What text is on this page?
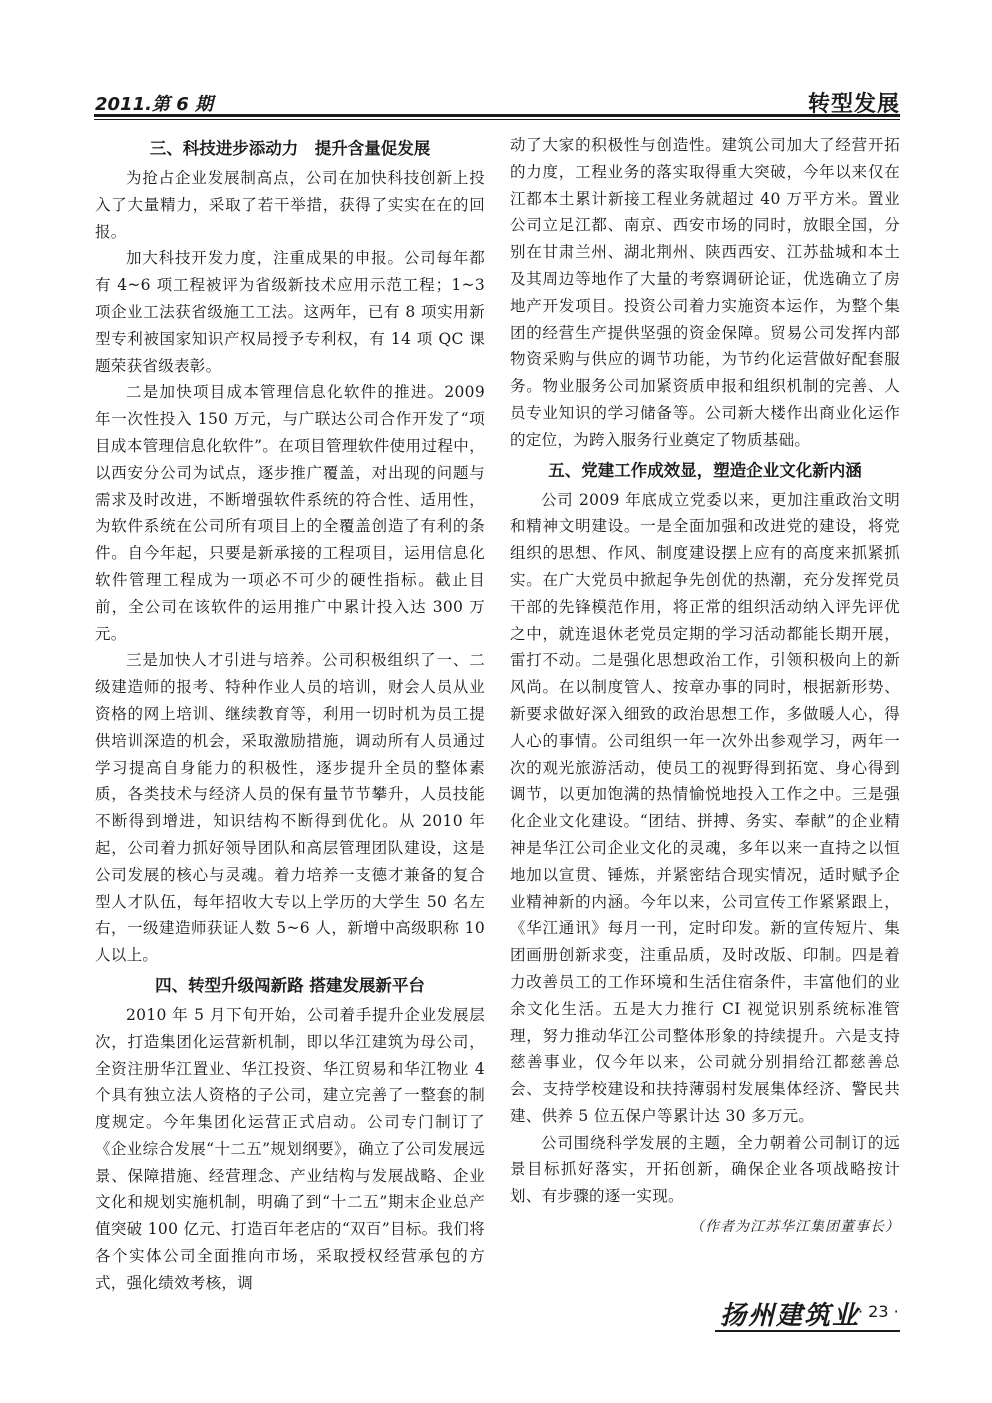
2011.第 6 期	转型发展
三、科技进步添动力　提升含量促发展

为抢占企业发展制高点，公司在加快科技创新上投入了大量精力，采取了若干举措，获得了实实在在的回报。

加大科技开发力度，注重成果的申报。公司每年都有 4~6 项工程被评为省级新技术应用示范工程；1~3 项企业工法获省级施工工法。这两年，已有 8 项实用新型专利被国家知识产权局授予专利权，有 14 项 QC 课题荣获省级表彰。

二是加快项目成本管理信息化软件的推进。2009 年一次性投入 150 万元，与广联达公司合作开发了“项目成本管理信息化软件”。在项目管理软件使用过程中，以西安分公司为试点，逐步推广覆盖，对出现的问题与需求及时改进，不断增强软件系统的符合性、适用性，为软件系统在公司所有项目上的全覆盖创造了有利的条件。自今年起，只要是新承接的工程项目，运用信息化软件管理工程成为一项必不可少的硬性指标。截止目前，全公司在该软件的运用推广中累计投入达 300 万元。

三是加快人才引进与培养。公司积极组织了一、二级建造师的报考、特种作业人员的培训，财会人员从业资格的网上培训、继续教育等，利用一切时机为员工提供培训深造的机会，采取激励措施，调动所有人员通过学习提高自身能力的积极性，逐步提升全员的整体素质，各类技术与经济人员的保有量节节攀升，人员技能不断得到增进，知识结构不断得到优化。从 2010 年起，公司着力抓好领导团队和高层管理团队建设，这是公司发展的核心与灵魂。着力培养一支德才兼备的复合型人才队伍，每年招收大专以上学历的大学生 50 名左右，一级建造师获证人数 5~6 人，新增中高级职称 10 人以上。

四、转型升级闯新路 搭建发展新平台

2010 年 5 月下旬开始，公司着手提升企业发展层次，打造集团化运营新机制，即以华江建筑为母公司，全资注册华江置业、华江投资、华江贸易和华江物业 4 个具有独立法人资格的子公司，建立完善了一整套的制度规定。今年集团化运营正式启动。公司专门制订了《企业综合发展“十二五”规划纲要》，确立了公司发展远景、保障措施、经营理念、产业结构与发展战略、企业文化和规划实施机制，明确了到“十二五”期末企业总产值突破 100 亿元、打造百年老店的“双百”目标。我们将各个实体公司全面推向市场，采取授权经营承包的方式，强化绩效考核，调

动了大家的积极性与创造性。建筑公司加大了经营开拓的力度，工程业务的落实取得重大突破，今年以来仅在江都本土累计新接工程业务就超过 40 万平方米。置业公司立足江都、南京、西安市场的同时，放眼全国，分别在甘肃兰州、湖北荆州、陕西西安、江苏盐城和本土及其周边等地作了大量的考察调研论证，优选确立了房地产开发项目。投资公司着力实施资本运作，为整个集团的经营生产提供坚强的资金保障。贸易公司发挥内部物资采购与供应的调节功能，为节约化运营做好配套服务。物业服务公司加紧资质申报和组织机制的完善、人员专业知识的学习储备等。公司新大楼作出商业化运作的定位，为跨入服务行业奠定了物质基础。

五、党建工作成效显，塑造企业文化新内涵

公司 2009 年底成立党委以来，更加注重政治文明和精神文明建设。一是全面加强和改进党的建设，将党组织的思想、作风、制度建设摆上应有的高度来抓紧抓实。在广大党员中掀起争先创优的热潮，充分发挥党员干部的先锋模范作用，将正常的组织活动纳入评先评优之中，就连退休老党员定期的学习活动都能长期开展，雷打不动。二是强化思想政治工作，引领积极向上的新风尚。在以制度管人、按章办事的同时，根据新形势、新要求做好深入细致的政治思想工作，多做暖人心，得人心的事情。公司组织一年一次外出参观学习，两年一次的观光旅游活动，使员工的视野得到拓宽、身心得到调节，以更加饱满的热情愉悦地投入工作之中。三是强化企业文化建设。“团结、拼搏、务实、奉献”的企业精神是华江公司企业文化的灵魂，多年以来一直持之以恒地加以宣贯、锤炼，并紧密结合现实情况，适时赋予企业精神新的内涵。今年以来，公司宣传工作紧紧跟上，《华江通讯》每月一刊，定时印发。新的宣传短片、集团画册创新求变，注重品质，及时改版、印制。四是着力改善员工的工作环境和生活住宿条件，丰富他们的业余文化生活。五是大力推行 CI 视觉识别系统标准管理，努力推动华江公司整体形象的持续提升。六是支持慈善事业，仅今年以来，公司就分别捐给江都慈善总会、支持学校建设和扶持薄弱村发展集体经济、警民共建、供养 5 位五保户等累计达 30 多万元。

公司围绕科学发展的主题，全力朝着公司制订的远景目标抓好落实，开拓创新，确保企业各项战略按计划、有步骤的逐一实现。

（作者为江苏华江集团董事长）
扬州建筑业
· 23 ·
